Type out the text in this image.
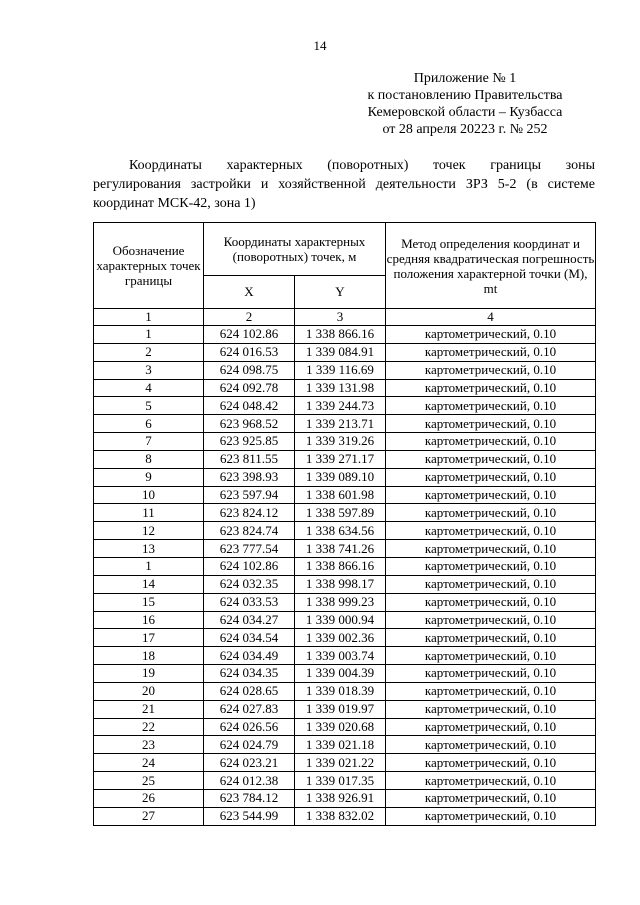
14
Приложение № 1
к постановлению Правительства
Кемеровской области – Кузбасса
от 28 апреля 20223 г. № 252
Координаты характерных (поворотных) точек границы зоны
регулирования застройки и хозяйственной деятельности ЗРЗ 5-2 (в системе
координат МСК-42, зона 1)
Обозначение характерных точек границы	Координаты характерных (поворотных) точек, м		Метод определения координат и средняя квадратическая погрешность положения характерной точки (M), mt
	X	Y	
1	2	3	4
1	624 102.86	1 338 866.16	картометрический, 0.10
2	624 016.53	1 339 084.91	картометрический, 0.10
3	624 098.75	1 339 116.69	картометрический, 0.10
4	624 092.78	1 339 131.98	картометрический, 0.10
5	624 048.42	1 339 244.73	картометрический, 0.10
6	623 968.52	1 339 213.71	картометрический, 0.10
7	623 925.85	1 339 319.26	картометрический, 0.10
8	623 811.55	1 339 271.17	картометрический, 0.10
9	623 398.93	1 339 089.10	картометрический, 0.10
10	623 597.94	1 338 601.98	картометрический, 0.10
11	623 824.12	1 338 597.89	картометрический, 0.10
12	623 824.74	1 338 634.56	картометрический, 0.10
13	623 777.54	1 338 741.26	картометрический, 0.10
1	624 102.86	1 338 866.16	картометрический, 0.10
14	624 032.35	1 338 998.17	картометрический, 0.10
15	624 033.53	1 338 999.23	картометрический, 0.10
16	624 034.27	1 339 000.94	картометрический, 0.10
17	624 034.54	1 339 002.36	картометрический, 0.10
18	624 034.49	1 339 003.74	картометрический, 0.10
19	624 034.35	1 339 004.39	картометрический, 0.10
20	624 028.65	1 339 018.39	картометрический, 0.10
21	624 027.83	1 339 019.97	картометрический, 0.10
22	624 026.56	1 339 020.68	картометрический, 0.10
23	624 024.79	1 339 021.18	картометрический, 0.10
24	624 023.21	1 339 021.22	картометрический, 0.10
25	624 012.38	1 339 017.35	картометрический, 0.10
26	623 784.12	1 338 926.91	картометрический, 0.10
27	623 544.99	1 338 832.02	картометрический, 0.10
